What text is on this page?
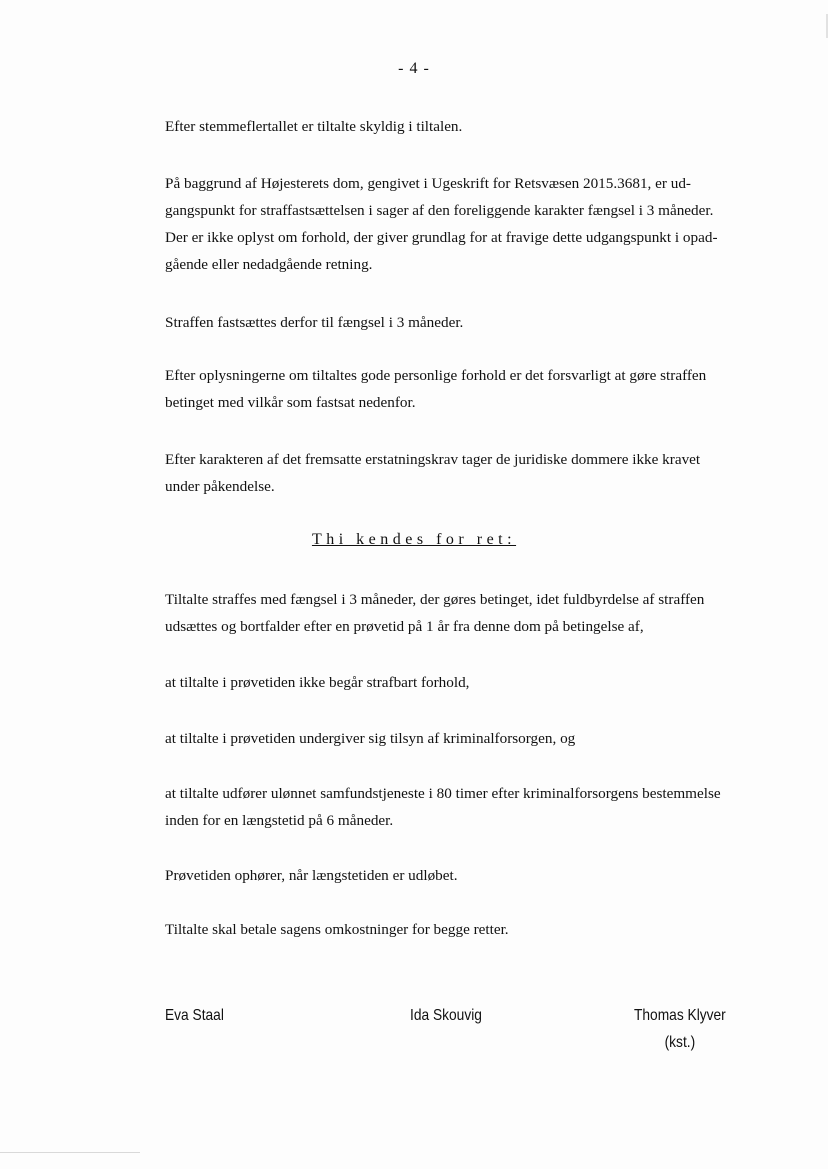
- 4 -

Efter stemmeflertallet er tiltalte skyldig i tiltalen.

På baggrund af Højesterets dom, gengivet i Ugeskrift for Retsvæsen 2015.3681, er ud-
gangspunkt for straffastsættelsen i sager af den foreliggende karakter fængsel i 3 måneder.
Der er ikke oplyst om forhold, der giver grundlag for at fravige dette udgangspunkt i opad-
gående eller nedadgående retning.

Straffen fastsættes derfor til fængsel i 3 måneder.

Efter oplysningerne om tiltaltes gode personlige forhold er det forsvarligt at gøre straffen
betinget med vilkår som fastsat nedenfor.

Efter karakteren af det fremsatte erstatningskrav tager de juridiske dommere ikke kravet
under påkendelse.

Thi kendes for ret:

Tiltalte straffes med fængsel i 3 måneder, der gøres betinget, idet fuldbyrdelse af straffen
udsættes og bortfalder efter en prøvetid på 1 år fra denne dom på betingelse af,

at tiltalte i prøvetiden ikke begår strafbart forhold,

at tiltalte i prøvetiden undergiver sig tilsyn af kriminalforsorgen, og

at tiltalte udfører ulønnet samfundstjeneste i 80 timer efter kriminalforsorgens bestemmelse
inden for en længstetid på 6 måneder.

Prøvetiden ophører, når længstetiden er udløbet.

Tiltalte skal betale sagens omkostninger for begge retter.

Eva Staal	Ida Skouvig	Thomas Klyver
(kst.)
